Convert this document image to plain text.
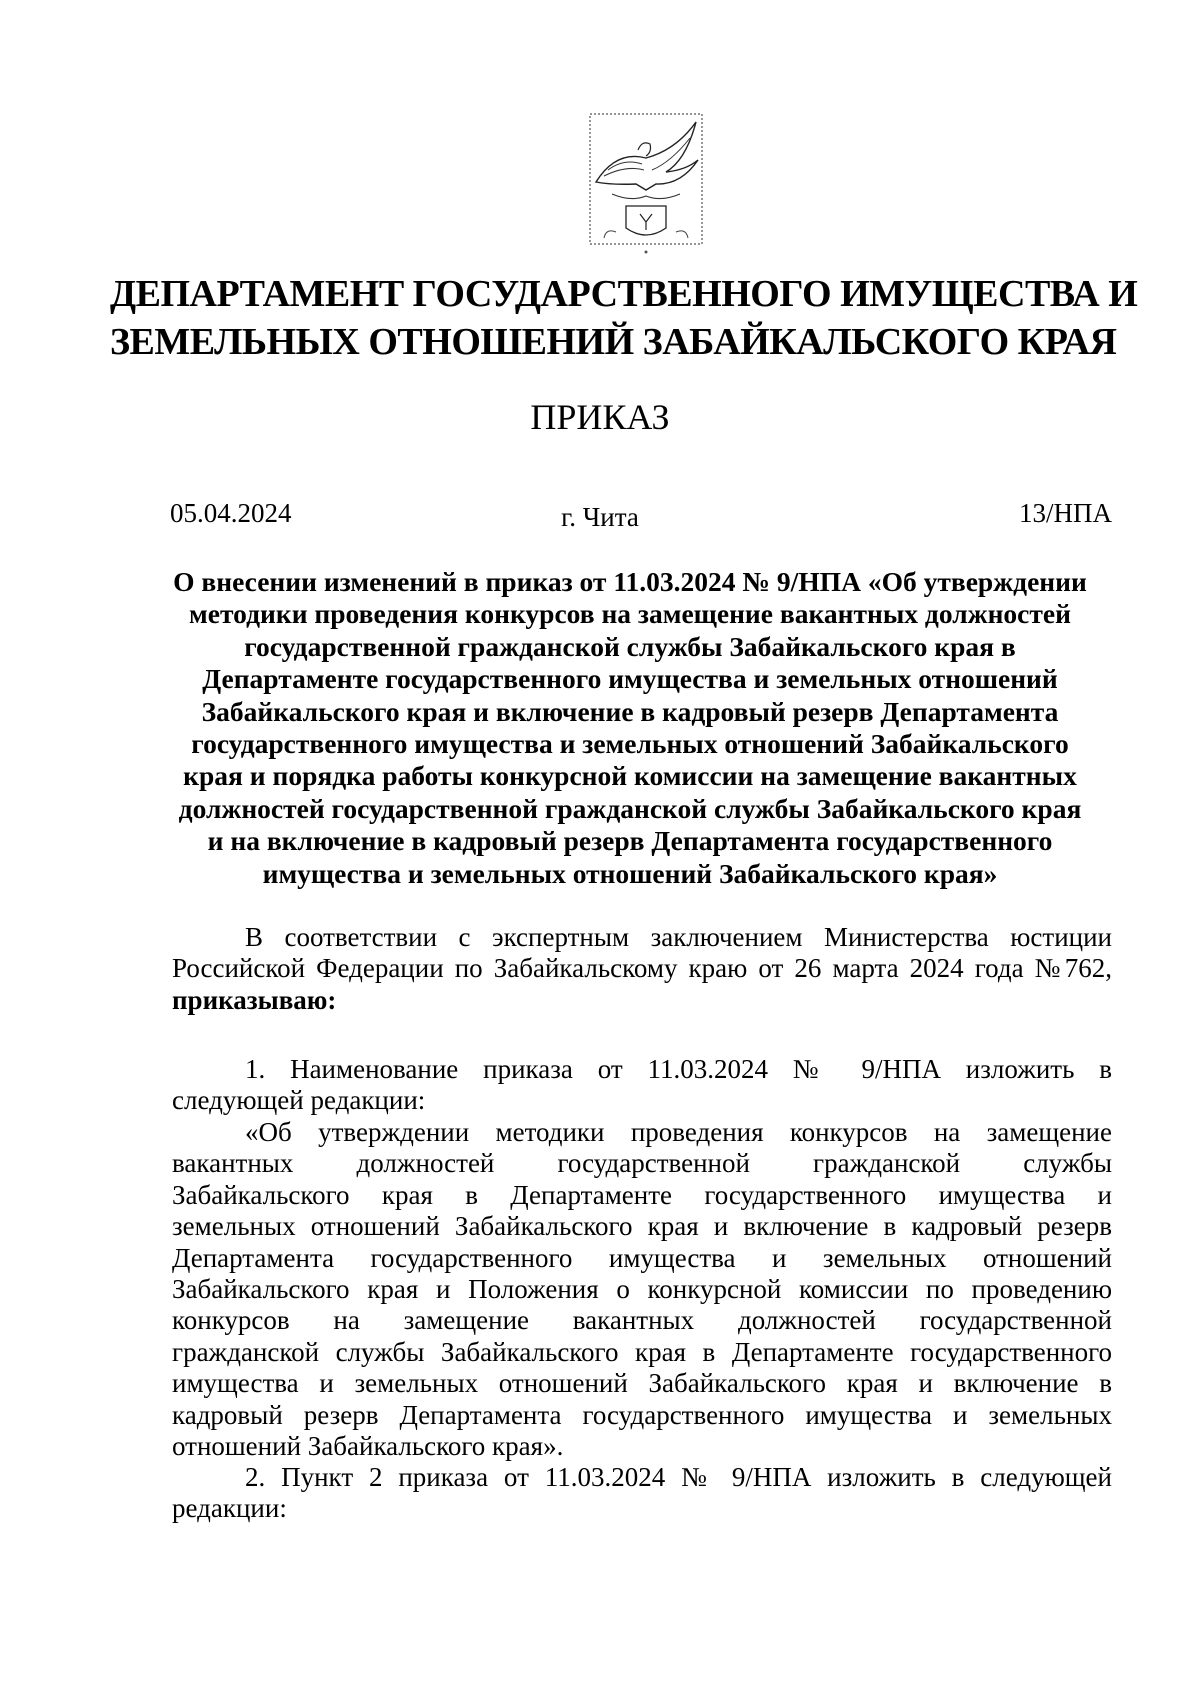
ДЕПАРТАМЕНТ ГОСУДАРСТВЕННОГО ИМУЩЕСТВА И
ЗЕМЕЛЬНЫХ ОТНОШЕНИЙ ЗАБАЙКАЛЬСКОГО КРАЯ
ПРИКАЗ
05.04.2024	г. Чита	13/НПА
О внесении изменений в приказ от 11.03.2024 № 9/НПА «Об утверждении
методики проведения конкурсов на замещение вакантных должностей
государственной гражданской службы Забайкальского края в
Департаменте государственного имущества и земельных отношений
Забайкальского края и включение в кадровый резерв Департамента
государственного имущества и земельных отношений Забайкальского
края и порядка работы конкурсной комиссии на замещение вакантных
должностей государственной гражданской службы Забайкальского края
и на включение в кадровый резерв Департамента государственного
имущества и земельных отношений Забайкальского края»
В соответствии с экспертным заключением Министерства юстиции
Российской Федерации по Забайкальскому краю от 26 марта 2024 года №762,
приказываю:
1. Наименование приказа от 11.03.2024 № 9/НПА изложить в
следующей редакции:
«Об утверждении методики проведения конкурсов на замещение
вакантных должностей государственной гражданской службы
Забайкальского края в Департаменте государственного имущества и
земельных отношений Забайкальского края и включение в кадровый резерв
Департамента государственного имущества и земельных отношений
Забайкальского края и Положения о конкурсной комиссии по проведению
конкурсов на замещение вакантных должностей государственной
гражданской службы Забайкальского края в Департаменте государственного
имущества и земельных отношений Забайкальского края и включение в
кадровый резерв Департамента государственного имущества и земельных
отношений Забайкальского края».
2. Пункт 2 приказа от 11.03.2024 № 9/НПА изложить в следующей
редакции:
